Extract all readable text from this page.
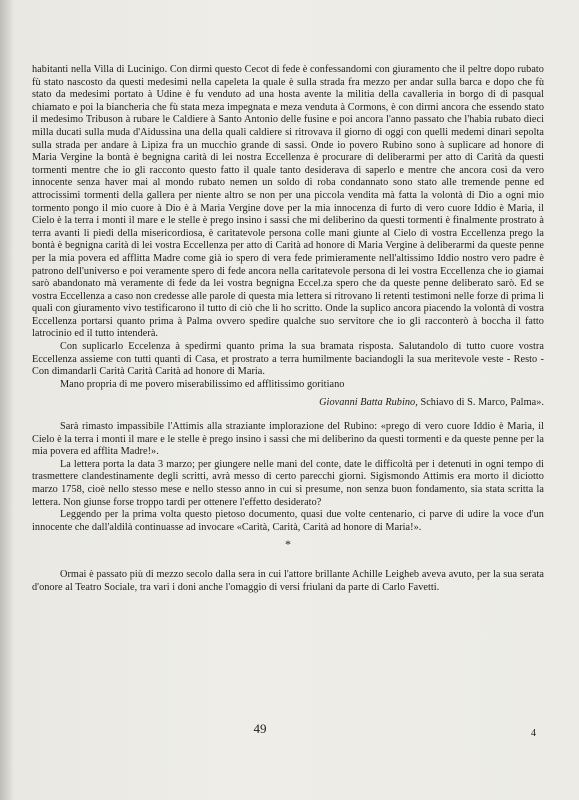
habitanti nella Villa di Lucinigo. Con dirmi questo Cecot di fede è confessandomi con giuramento che il peltre dopo rubato fù stato nascosto da questi medesimi nella capeleta la quale è sulla strada fra mezzo per andar sulla barca e dopo che fù stato da medesimi portato à Udine è fu venduto ad una hosta avente la militia della cavalleria in borgo di di pasqual chiamato e poi la biancheria che fù stata meza impegnata e meza venduta à Cormons, è con dirmi ancora che essendo stato il medesimo Tribuson à rubare le Caldiere à Santo Antonio delle fusine e poi ancora l'anno passato che l'habia rubato dieci milla ducati sulla muda d'Aidussina una della quali caldiere si ritrovava il giorno di oggi con quelli medemi dinari sepolta sulla strada per andare à Lipiza fra un mucchio grande di sassi. Onde io povero Rubino sono à suplicare ad honore di Maria Vergine la bontà è begnigna carità di lei nostra Eccellenza è procurare di deliberarmi per atto di Carità da questi tormenti mentre che io gli racconto questo fatto il quale tanto desiderava di saperlo e mentre che ancora così da vero innocente senza haver mai al mondo rubato nemen un soldo di roba condannato sono stato alle tremende penne ed attrocissimi tormenti della gallera per niente altro se non per una piccola vendita mà fatta la volontà di Dio a ogni mio tormento pongo il mio cuore à Dio è à Maria Vergine dove per la mia innocenza di furto di vero cuore Iddio è Maria, il Cielo è la terra i monti il mare e le stelle è prego insino i sassi che mi deliberino da questi tormenti è finalmente prostrato à terra avanti li piedi della misericordiosa, è caritatevole persona colle mani giunte al Cielo di vostra Eccellenza prego la bontà è begnigna carità di lei vostra Eccellenza per atto di Carità ad honore di Maria Vergine à deliberarmi da queste penne per la mia povera ed afflitta Madre come già io spero di vera fede primieramente nell'altissimo Iddio nostro vero padre è patrono dell'universo e poi veramente spero di fede ancora nella caritatevole persona di lei vostra Eccellenza che io giamai sarò abandonato mà veramente di fede da lei vostra begnigna Eccel.za spero che da queste penne deliberato sarò. Ed se vostra Eccellenza a caso non credesse alle parole di questa mia lettera si ritrovano li retenti testimoni nelle forze di prima li quali con giuramento vivo testificarono il tutto di ciò che li ho scritto. Onde la suplico ancora piacendo la volontà di vostra Eccellenza portarsi quanto prima à Palma ovvero spedire qualche suo servitore che io gli racconterò à boccha il fatto latrocinio ed il tutto intenderà.

Con suplicarlo Eccelenza à spedirmi quanto prima la sua bramata risposta. Salutandolo di tutto cuore vostra Eccellenza assieme con tutti quanti di Casa, et prostrato a terra humilmente baciandogli la sua meritevole veste - Resto - Con dimandarli Carità Carità Carità ad honore di Maria.

Mano propria di me povero miserabilissimo ed afflitissimo goritiano

Giovanni Batta Rubino, Schiavo di S. Marco, Palma».

Sarà rimasto impassibile l'Attimis alla straziante implorazione del Rubino: «prego di vero cuore Iddio è Maria, il Cielo è la terra i monti il mare e le stelle è prego insino i sassi che mi deliberino da questi tormenti e da queste penne per la mia povera ed afflita Madre!».

La lettera porta la data 3 marzo; per giungere nelle mani del conte, date le difficoltà per i detenuti in ogni tempo di trasmettere clandestinamente degli scritti, avrà messo di certo parecchi giorni. Sigismondo Attimis era morto il diciotto marzo 1758, cioè nello stesso mese e nello stesso anno in cui si presume, non senza buon fondamento, sia stata scritta la lettera. Non giunse forse troppo tardi per ottenere l'effetto desiderato?

Leggendo per la prima volta questo pietoso documento, quasi due volte centenario, ci parve di udire la voce d'un innocente che dall'aldilà continuasse ad invocare «Carità, Carità, Carità ad honore di Maria!».

*

Ormai è passato più di mezzo secolo dalla sera in cui l'attore brillante Achille Leigheb aveva avuto, per la sua serata d'onore al Teatro Sociale, tra vari i doni anche l'omaggio di versi friulani da parte di Carlo Favetti.

49	4
